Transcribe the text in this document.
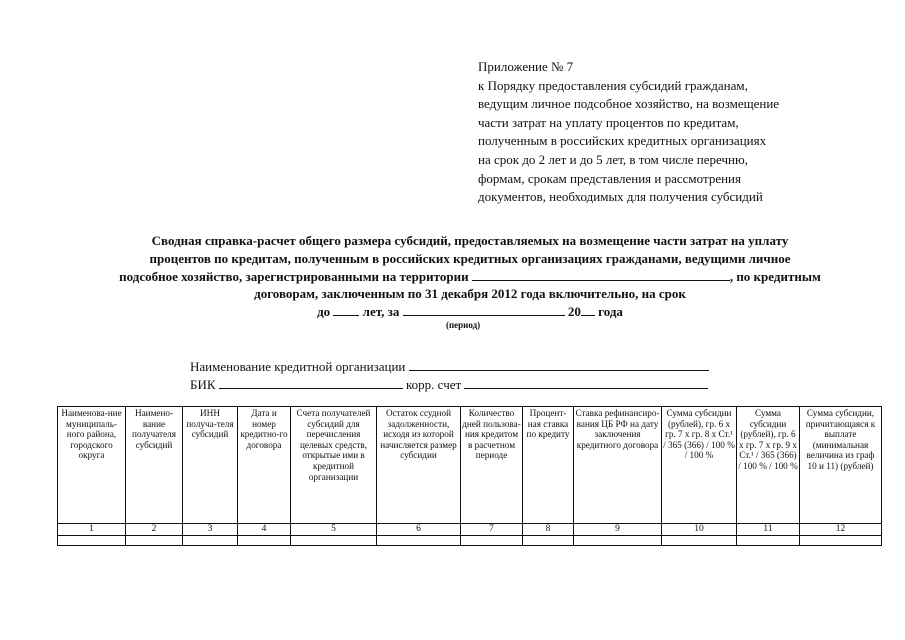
Приложение № 7
к Порядку предоставления субсидий гражданам,
ведущим личное подсобное хозяйство, на возмещение
части затрат на уплату процентов по кредитам,
полученным в российских кредитных организациях
на срок до 2 лет и до 5 лет, в том числе перечню,
формам, срокам представления и рассмотрения
документов, необходимых для получения субсидий
Сводная справка-расчет общего размера субсидий, предоставляемых на возмещение части затрат на уплату
процентов по кредитам, полученным в российских кредитных организациях гражданами, ведущими личное
подсобное хозяйство, зарегистрированными на территории	, по кредитным
договорам, заключенным по 31 декабря 2012 года включительно, на срок
до	лет, за	20 года
(период)
Наименование кредитной организации
БИК	корр. счет
Наименова-ние муниципаль-ного района, городского округа	Наимено-вание получателя субсидий	ИНН получа-теля субсидий	Дата и номер кредитно-го договора	Счета получателей субсидий для перечисления целевых средств, открытые ими в кредитной организации	Остаток ссудной задолженности, исходя из которой начисляется размер субсидии	Количество дней пользова-ния кредитом в расчетном периоде	Процент-ная ставка по кредиту	Ставка рефинансиро-вания ЦБ РФ на дату заключения кредитного договора	Сумма субсидии (рублей), гр. 6 х гр. 7 х гр. 8 х Ст.¹ / 365 (366) / 100 % / 100 %	Сумма субсидии (рублей), гр. 6 х гр. 7 х гр. 9 х Ст.¹ / 365 (366) / 100 % / 100 %	Сумма субсидии, причитающаяся к выплате (минимальная величина из граф 10 и 11) (рублей)
1	2	3	4	5	6	7	8	9	10	11	12
